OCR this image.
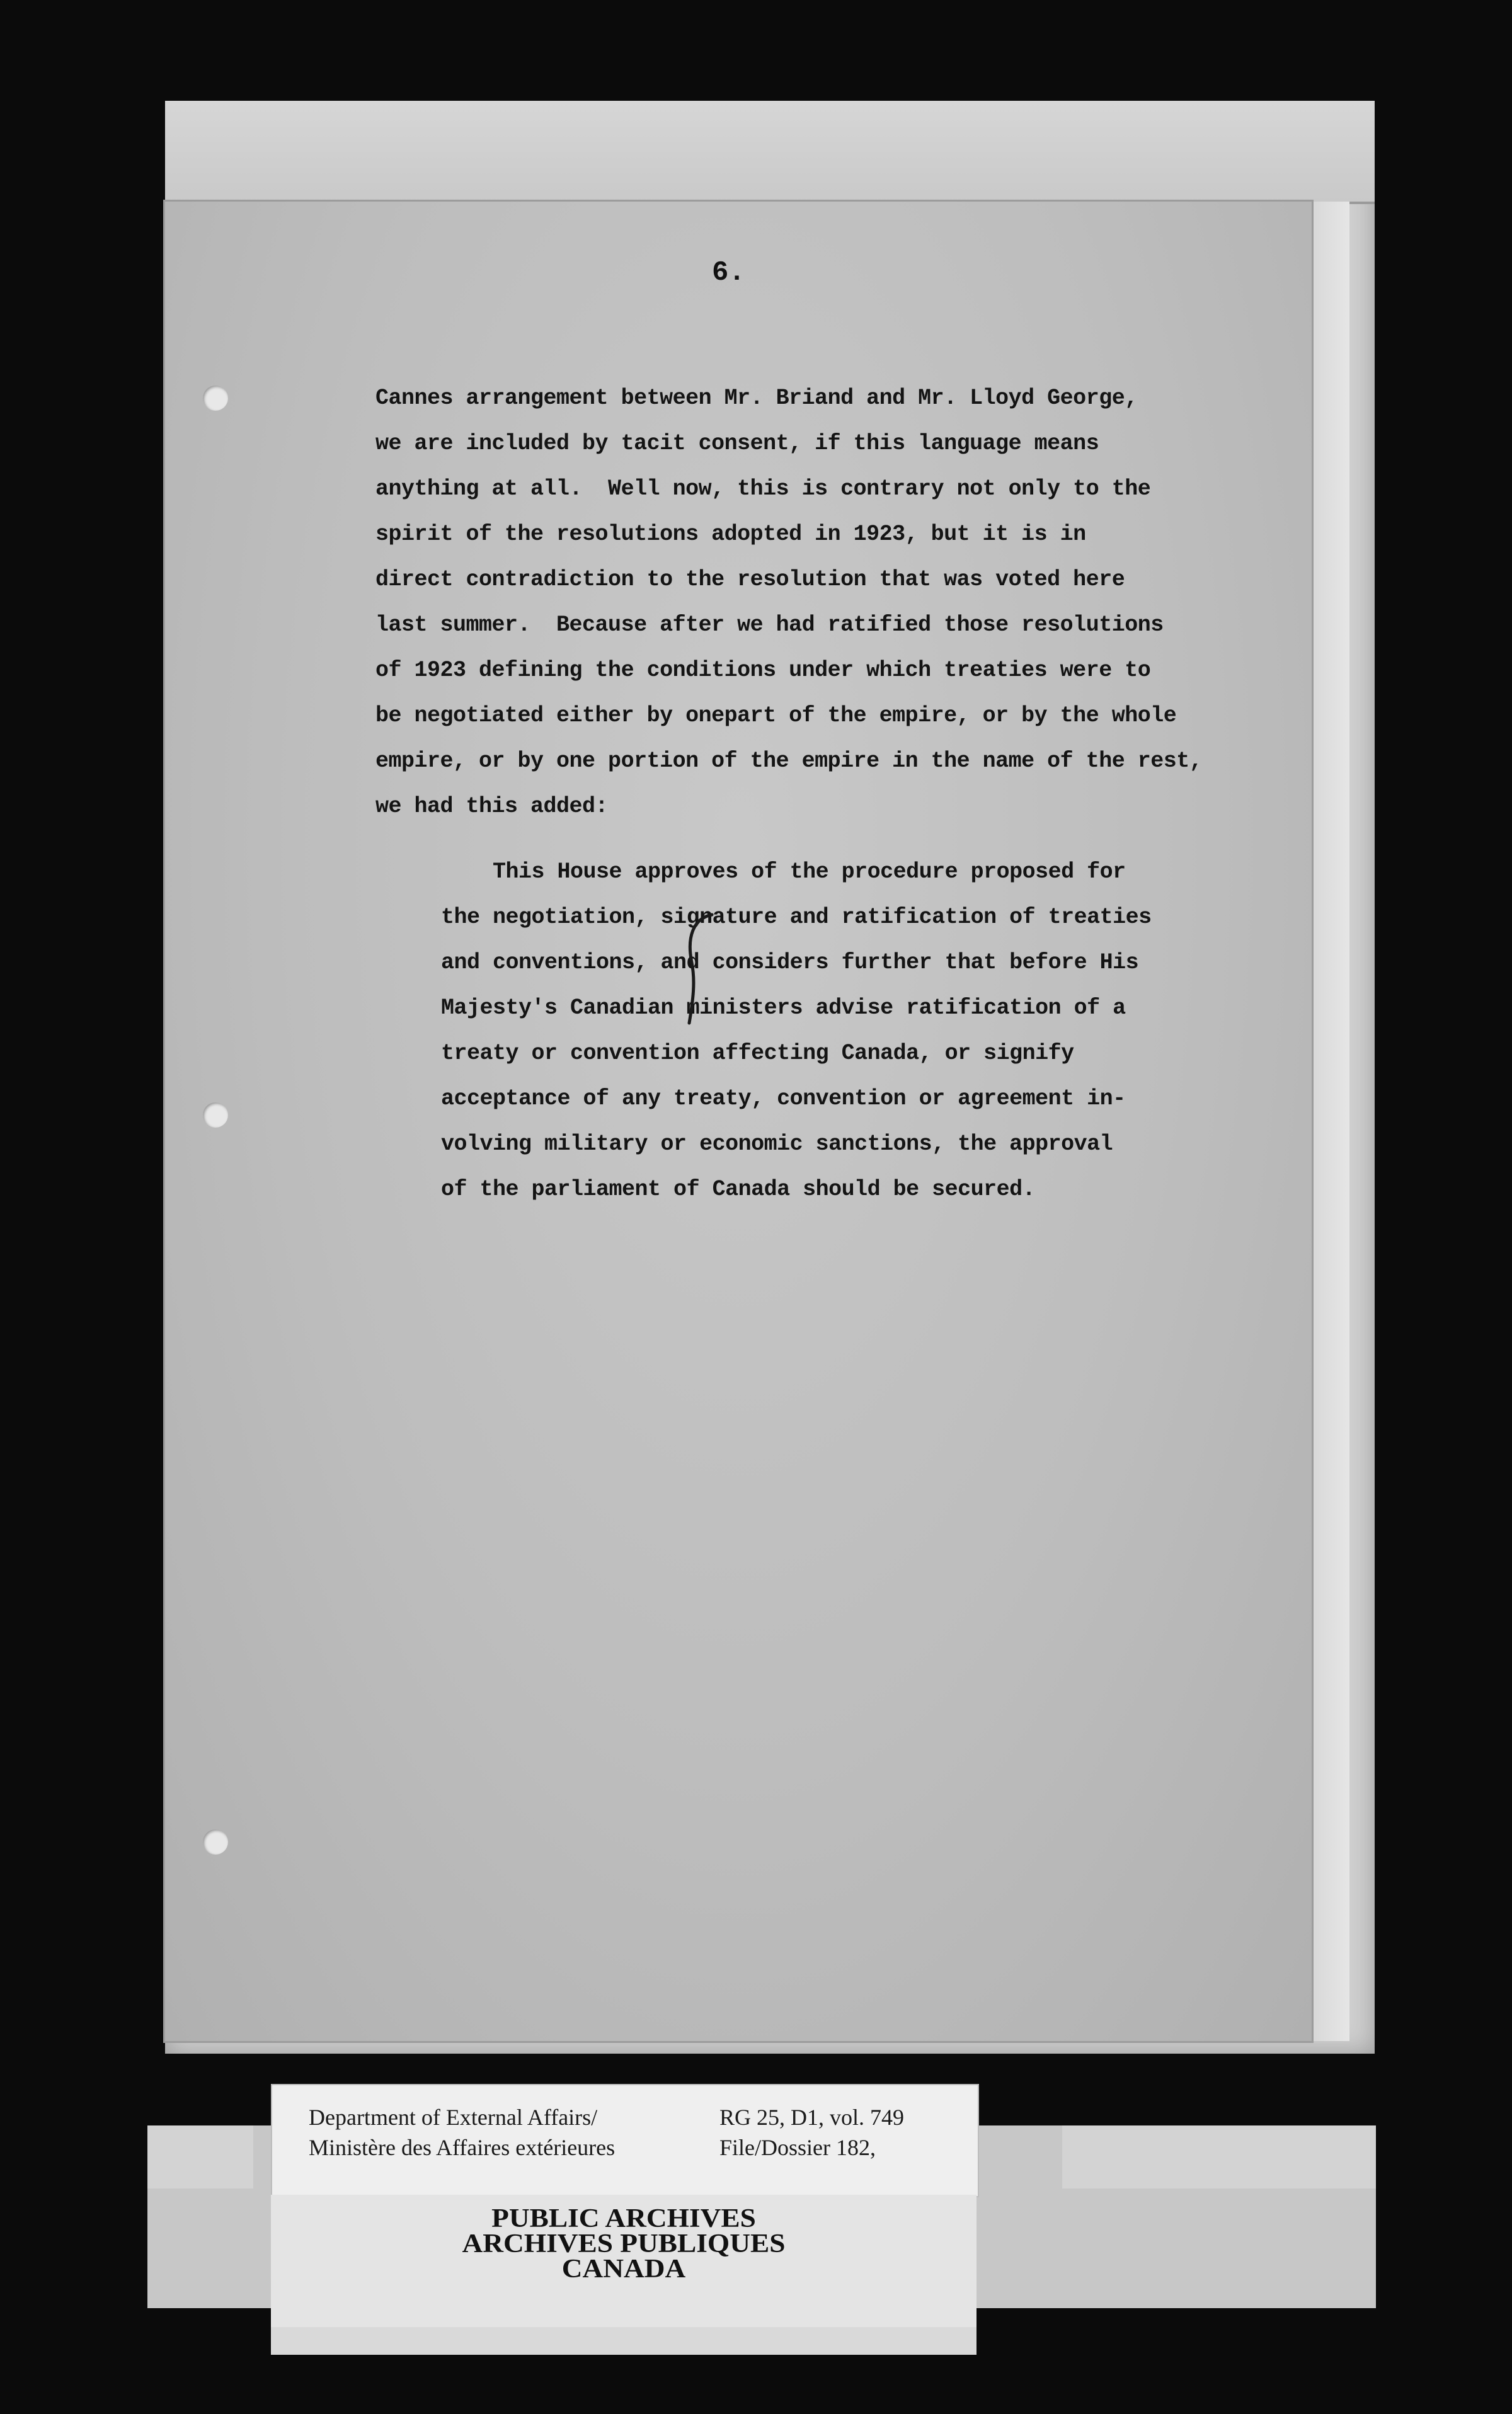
6.

Cannes arrangement between Mr. Briand and Mr. Lloyd George,

we are included by tacit consent, if this language means

anything at all.  Well now, this is contrary not only to the

spirit of the resolutions adopted in 1923, but it is in

direct contradiction to the resolution that was voted here

last summer.  Because after we had ratified those resolutions

of 1923 defining the conditions under which treaties were to

be negotiated either by onepart of the empire, or by the whole

empire, or by one portion of the empire in the name of the rest,

we had this added:

This House approves of the procedure proposed for

the negotiation, signature and ratification of treaties

and conventions, and considers further that before His

Majesty's Canadian ministers advise ratification of a

treaty or convention affecting Canada, or signify

acceptance of any treaty, convention or agreement in-

volving military or economic sanctions, the approval

of the parliament of Canada should be secured.

Department of External Affairs/
Ministère des Affaires extérieures
RG 25, D1, vol. 749
File/Dossier 182,
PUBLIC ARCHIVES
ARCHIVES PUBLIQUES
CANADA
